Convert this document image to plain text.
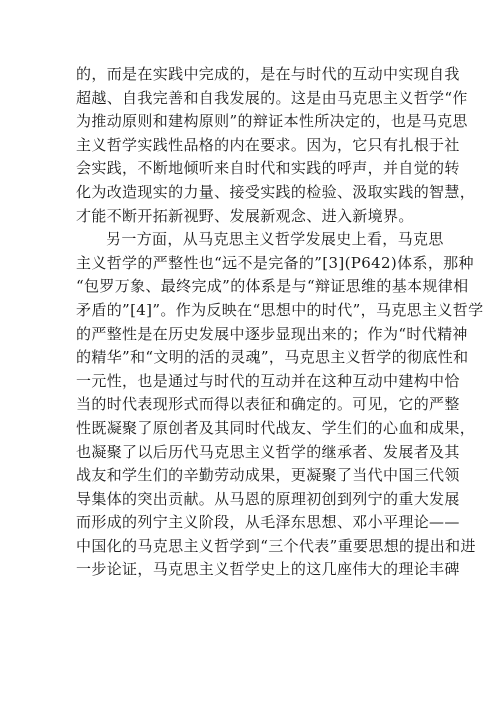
的，而是在实践中完成的，是在与时代的互动中实现自我
超越、自我完善和自我发展的。这是由马克思主义哲学“作
为推动原则和建构原则”的辩证本性所决定的，也是马克思
主义哲学实践性品格的内在要求。因为，它只有扎根于社
会实践，不断地倾听来自时代和实践的呼声，并自觉的转
化为改造现实的力量、接受实践的检验、汲取实践的智慧，
才能不断开拓新视野、发展新观念、进入新境界。
另一方面，从马克思主义哲学发展史上看，马克思
主义哲学的严整性也“远不是完备的”[3](P642)体系，那种
“包罗万象、最终完成”的体系是与“辩证思维的基本规律相
矛盾的”[4]”。作为反映在“思想中的时代”，马克思主义哲学
的严整性是在历史发展中逐步显现出来的；作为“时代精神
的精华”和“文明的活的灵魂”，马克思主义哲学的彻底性和
一元性，也是通过与时代的互动并在这种互动中建构中恰
当的时代表现形式而得以表征和确定的。可见，它的严整
性既凝聚了原创者及其同时代战友、学生们的心血和成果，
也凝聚了以后历代马克思主义哲学的继承者、发展者及其
战友和学生们的辛勤劳动成果，更凝聚了当代中国三代领
导集体的突出贡献。从马恩的原理初创到列宁的重大发展
而形成的列宁主义阶段，从毛泽东思想、邓小平理论——
中国化的马克思主义哲学到“三个代表”重要思想的提出和进
一步论证，马克思主义哲学史上的这几座伟大的理论丰碑
